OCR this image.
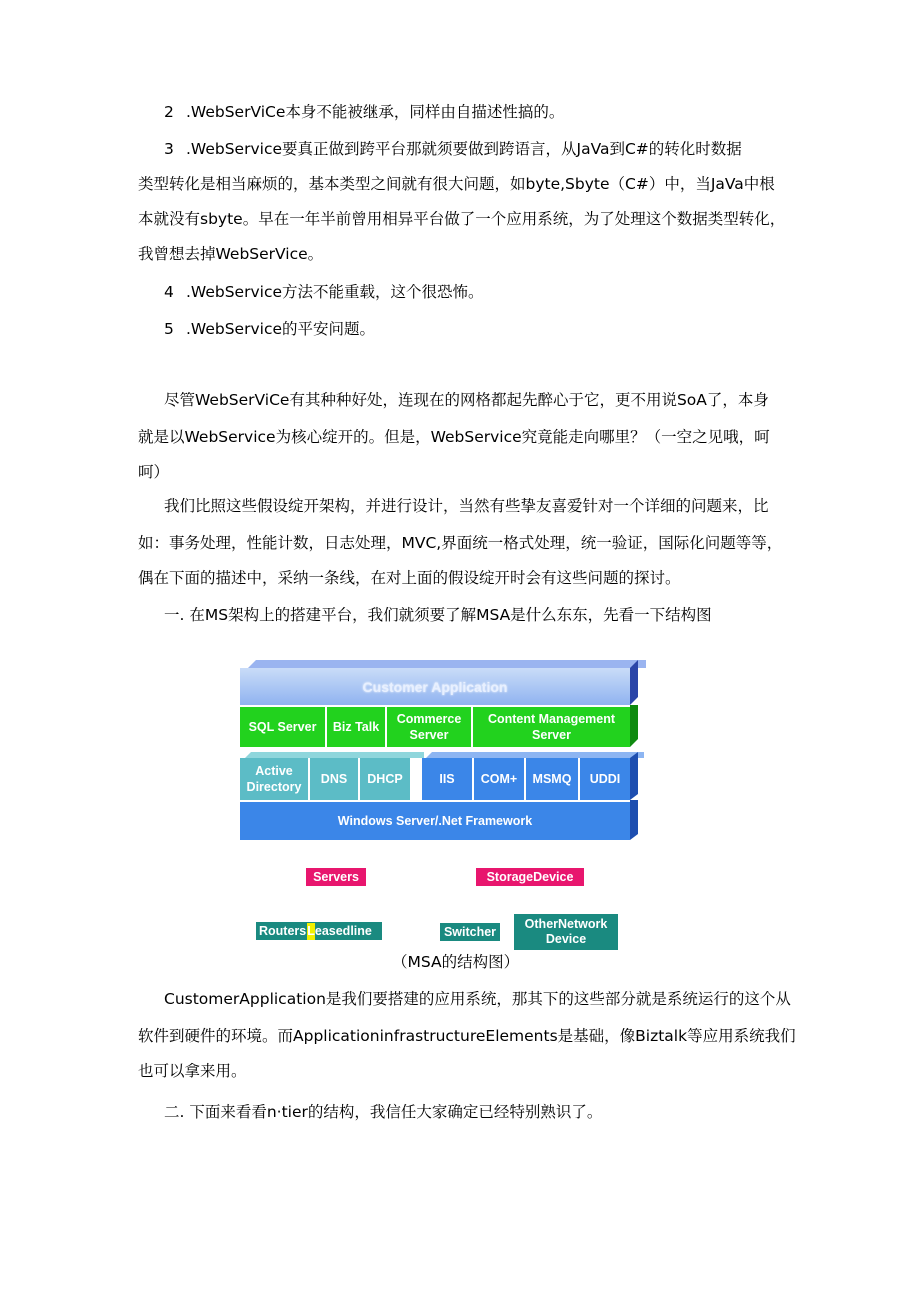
2 .WebSerViCe本身不能被继承，同样由自描述性搞的。
3 .WebService要真正做到跨平台那就须要做到跨语言，从JaVa到C#的转化时数据
类型转化是相当麻烦的，基本类型之间就有很大问题，如byte,Sbyte（C#）中，当JaVa中根
本就没有sbyte。早在一年半前曾用相异平台做了一个应用系统，为了处理这个数据类型转化，
我曾想去掉WebSerVice。
4 .WebService方法不能重载，这个很恐怖。
5 .WebService的平安问题。
尽管WebSerViCe有其种种好处，连现在的网格都起先醉心于它，更不用说SoA了，本身
就是以WebService为核心绽开的。但是，WebService究竟能走向哪里？（一空之见哦，呵
呵）
我们比照这些假设绽开架构，并进行设计，当然有些挚友喜爱针对一个详细的问题来，比
如：事务处理，性能计数，日志处理，MVC,界面统一格式处理，统一验证，国际化问题等等，
偶在下面的描述中，采纳一条线，在对上面的假设绽开时会有这些问题的探讨。
一. 在MS架构上的搭建平台，我们就须要了解MSA是什么东东，先看一下结构图
Customer Application
SQL Server	Biz Talk
Commerce Server
Content Management Server
Active Directory
DNS	DHCP	IIS	COM+	MSMQ	UDDI
Windows Server/.Net Framework
Servers	StorageDevice
Routers Leasedline	Switcher
OtherNetwork Device
（MSA的结构图）
CustomerApplication是我们要搭建的应用系统，那其下的这些部分就是系统运行的这个从
软件到硬件的环境。而ApplicationinfrastructureElements是基础，像Biztalk等应用系统我们
也可以拿来用。
二. 下面来看看n·tier的结构，我信任大家确定已经特别熟识了。
